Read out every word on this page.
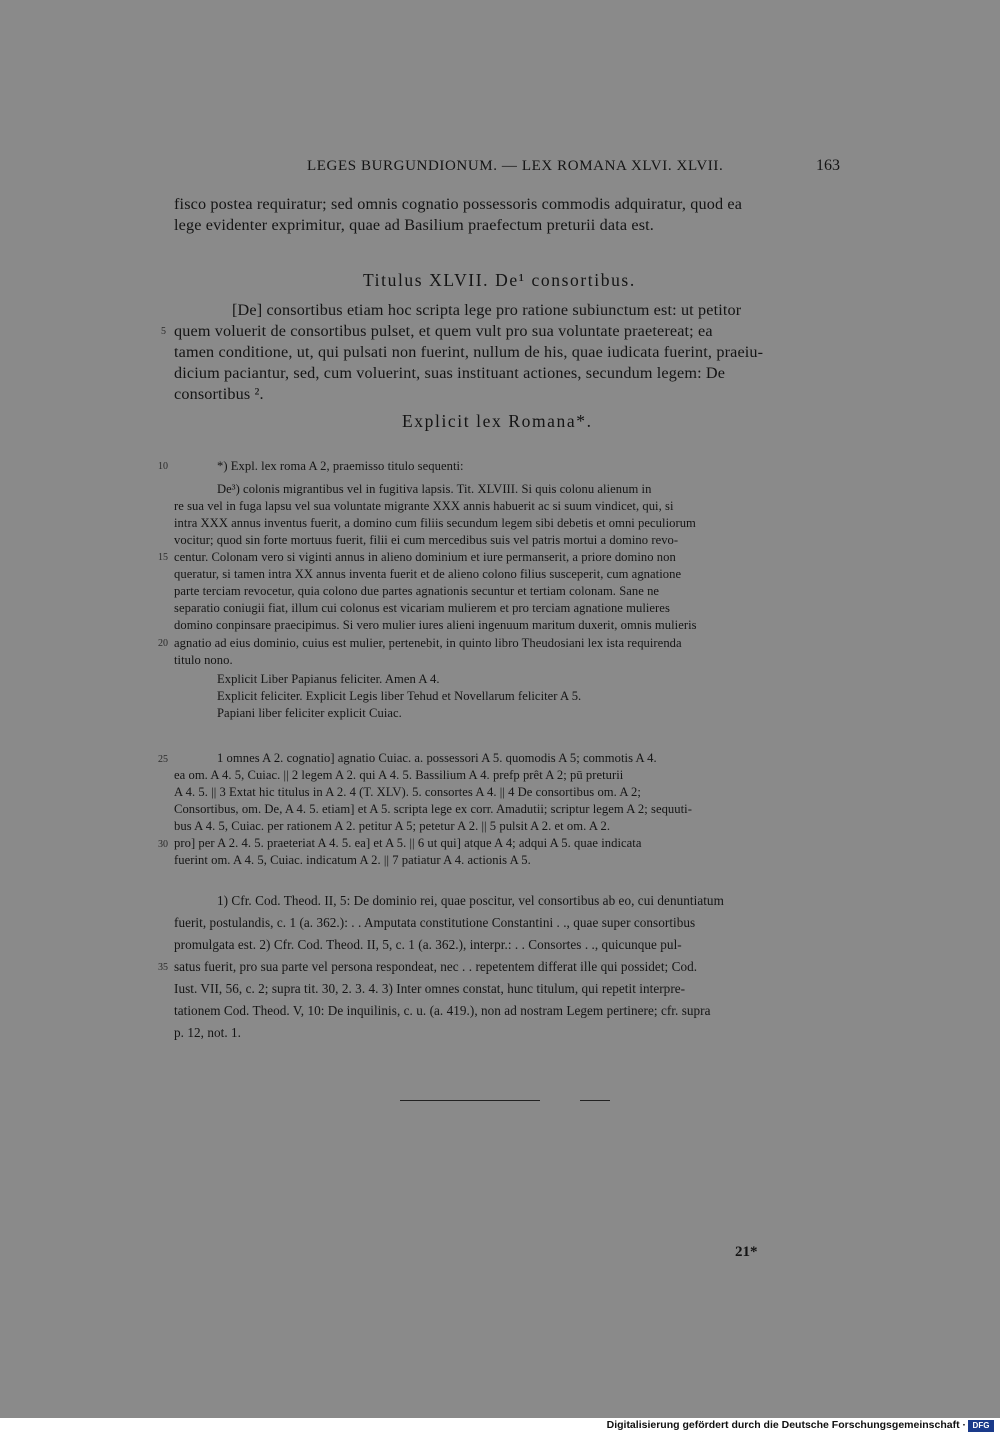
LEGES BURGUNDIONUM. — LEX ROMANA XLVI. XLVII.	163
fisco postea requiratur; sed omnis cognatio possessoris commodis adquiratur, quod ea
lege evidenter exprimitur, quae ad Basilium praefectum preturii data est.
Titulus XLVII. De¹ consortibus.
[De] consortibus etiam hoc scripta lege pro ratione subiunctum est: ut petitor
5 quem voluerit de consortibus pulset, et quem vult pro sua voluntate praetereat; ea
tamen conditione, ut, qui pulsati non fuerint, nullum de his, quae iudicata fuerint, praeiu-
dicium paciantur, sed, cum voluerint, suas instituant actiones, secundum legem: De
consortibus ².
Explicit lex Romana*.
10	*) Expl. lex roma A 2, praemisso titulo sequenti:
De³) colonis migrantibus vel in fugitiva lapsis. Tit. XLVIII. Si quis colonu alienum in
re sua vel in fuga lapsu vel sua voluntate migrante XXX annis habuerit ac si suum vindicet, qui, si
intra XXX annus inventus fuerit, a domino cum filiis secundum legem sibi debetis et omni peculiorum
vocitur; quod sin forte mortuus fuerit, filii ei cum mercedibus suis vel patris mortui a domino revo-
15 centur. Colonam vero si viginti annus in alieno dominium et iure permanserit, a priore domino non
queratur, si tamen intra XX annus inventa fuerit et de alieno colono filius susceperit, cum agnatione
parte terciam revocetur, quia colono due partes agnationis secuntur et tertiam colonam. Sane ne
separatio coniugii fiat, illum cui colonus est vicariam mulierem et pro terciam agnatione mulieres
domino conpinsare praecipimus. Si vero mulier iures alieni ingenuum maritum duxerit, omnis mulieris
20 agnatio ad eius dominio, cuius est mulier, pertenebit, in quinto libro Theudosiani lex ista requirenda
titulo nono.
Explicit Liber Papianus feliciter. Amen A 4.
Explicit feliciter. Explicit Legis liber Tehud et Novellarum feliciter A 5.
Papiani liber feliciter explicit Cuiac.
25	1 omnes A 2. cognatio] agnatio Cuiac. a. possessori A 5. quomodis A 5; commotis A 4.
ea om. A 4. 5, Cuiac. || 2 legem A 2. qui A 4. 5. Bassilium A 4. prefp prêt A 2; pū preturii
A 4. 5. || 3 Extat hic titulus in A 2. 4 (T. XLV). 5. consortes A 4. || 4 De consortibus om. A 2;
Consortibus, om. De, A 4. 5. etiam] et A 5. scripta lege ex corr. Amadutii; scriptur legem A 2; sequuti-
bus A 4. 5, Cuiac. per rationem A 2. petitur A 5; petetur A 2. || 5 pulsit A 2. et om. A 2.
30 pro] per A 2. 4. 5. praeteriat A 4. 5. ea] et A 5. || 6 ut qui] atque A 4; adqui A 5. quae indicata
fuerint om. A 4. 5, Cuiac. indicatum A 2. || 7 patiatur A 4. actionis A 5.
1) Cfr. Cod. Theod. II, 5: De dominio rei, quae poscitur, vel consortibus ab eo, cui denuntiatum
fuerit, postulandis, c. 1 (a. 362.): . . Amputata constitutione Constantini . ., quae super consortibus
promulgata est. 2) Cfr. Cod. Theod. II, 5, c. 1 (a. 362.), interpr.: . . Consortes . ., quicunque pul-
35 satus fuerit, pro sua parte vel persona respondeat, nec . . repetentem differat ille qui possidet; Cod.
Iust. VII, 56, c. 2; supra tit. 30, 2. 3. 4. 3) Inter omnes constat, hunc titulum, qui repetit interpre-
tationem Cod. Theod. V, 10: De inquilinis, c. u. (a. 419.), non ad nostram Legem pertinere; cfr. supra
p. 12, not. 1.
21*
Digitalisierung gefördert durch die Deutsche Forschungsgemeinschaft · DFG
